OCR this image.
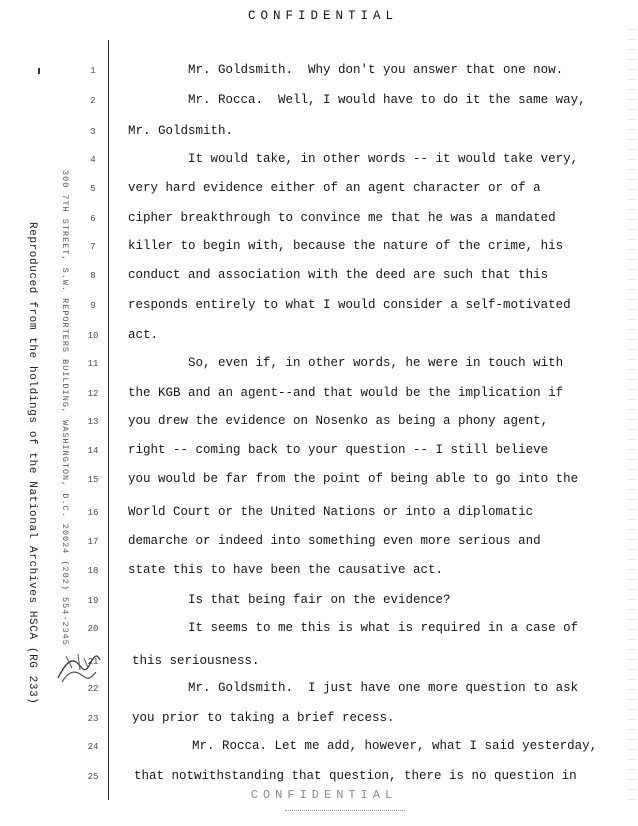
CONFIDENTIAL
Reproduced from the holdings of the National Archives HSCA (RG 233)	300 7TH STREET, S.W. REPORTERS BUILDING, WASHINGTON, D.C. 20024 (202) 554-2345
1
2
3
4
5
6
7
8
9
10
11
12
13
14
15
16
17
18
19
20
21
22
23
24
25
Mr. Goldsmith.  Why don't you answer that one now.
Mr. Rocca.  Well, I would have to do it the same way,
Mr. Goldsmith.
It would take, in other words -- it would take very,
very hard evidence either of an agent character or of a
cipher breakthrough to convince me that he was a mandated
killer to begin with, because the nature of the crime, his
conduct and association with the deed are such that this
responds entirely to what I would consider a self-motivated
act.
So, even if, in other words, he were in touch with
the KGB and an agent--and that would be the implication if
you drew the evidence on Nosenko as being a phony agent,
right -- coming back to your question -- I still believe
you would be far from the point of being able to go into the
World Court or the United Nations or into a diplomatic
demarche or indeed into something even more serious and
state this to have been the causative act.
Is that being fair on the evidence?
It seems to me this is what is required in a case of
this seriousness.
Mr. Goldsmith.  I just have one more question to ask
you prior to taking a brief recess.
Mr. Rocca. Let me add, however, what I said yesterday,
that notwithstanding that question, there is no question in
CONFIDENTIAL
